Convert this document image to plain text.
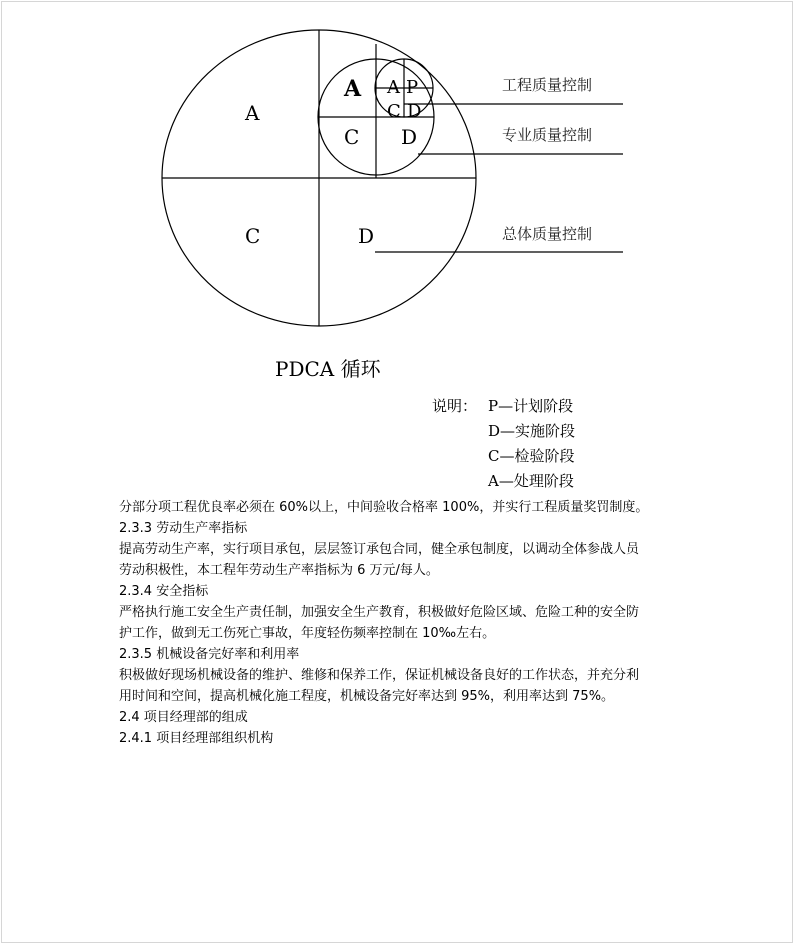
A
C	D
A
C D
A P
C D
工程质量控制
专业质量控制
总体质量控制
PDCA 循环
说明： P—计划阶段
D—实施阶段
C—检验阶段
A—处理阶段

分部分项工程优良率必须在 60%以上，中间验收合格率 100%，并实行工程质量奖罚制度。

2.3.3 劳动生产率指标

提高劳动生产率，实行项目承包，层层签订承包合同，健全承包制度，以调动全体参战人员

劳动积极性，本工程年劳动生产率指标为 6 万元/每人。

2.3.4 安全指标

严格执行施工安全生产责任制，加强安全生产教育，积极做好危险区域、危险工种的安全防

护工作，做到无工伤死亡事故，年度轻伤频率控制在 10‰左右。

2.3.5 机械设备完好率和利用率

积极做好现场机械设备的维护、维修和保养工作，保证机械设备良好的工作状态，并充分利

用时间和空间，提高机械化施工程度，机械设备完好率达到 95%，利用率达到 75%。

2.4 项目经理部的组成

2.4.1 项目经理部组织机构
